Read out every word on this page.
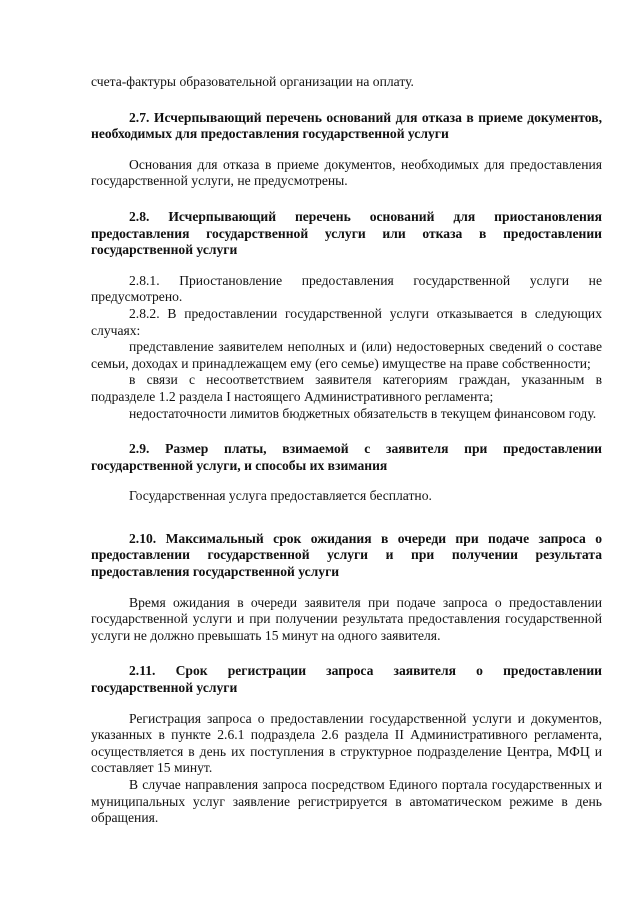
счета-фактуры образовательной организации на оплату.

2.7. Исчерпывающий перечень оснований для отказа в приеме документов, необходимых для предоставления государственной услуги

Основания для отказа в приеме документов, необходимых для предоставления государственной услуги, не предусмотрены.

2.8. Исчерпывающий перечень оснований для приостановления предоставления государственной услуги или отказа в предоставлении государственной услуги

2.8.1. Приостановление предоставления государственной услуги не предусмотрено.

2.8.2. В предоставлении государственной услуги отказывается в следующих случаях:

представление заявителем неполных и (или) недостоверных сведений о составе семьи, доходах и принадлежащем ему (его семье) имуществе на праве собственности;

в связи с несоответствием заявителя категориям граждан, указанным в подразделе 1.2 раздела I настоящего Административного регламента;

недостаточности лимитов бюджетных обязательств в текущем финансовом году.

2.9. Размер платы, взимаемой с заявителя при предоставлении государственной услуги, и способы их взимания

Государственная услуга предоставляется бесплатно.

2.10. Максимальный срок ожидания в очереди при подаче запроса о предоставлении государственной услуги и при получении результата предоставления государственной услуги

Время ожидания в очереди заявителя при подаче запроса о предоставлении государственной услуги и при получении результата предоставления государственной услуги не должно превышать 15 минут на одного заявителя.

2.11. Срок регистрации запроса заявителя о предоставлении государственной услуги

Регистрация запроса о предоставлении государственной услуги и документов, указанных в пункте 2.6.1 подраздела 2.6 раздела II Административного регламента, осуществляется в день их поступления в структурное подразделение Центра, МФЦ и составляет 15 минут.

В случае направления запроса посредством Единого портала государственных и муниципальных услуг заявление регистрируется в автоматическом режиме в день обращения.
